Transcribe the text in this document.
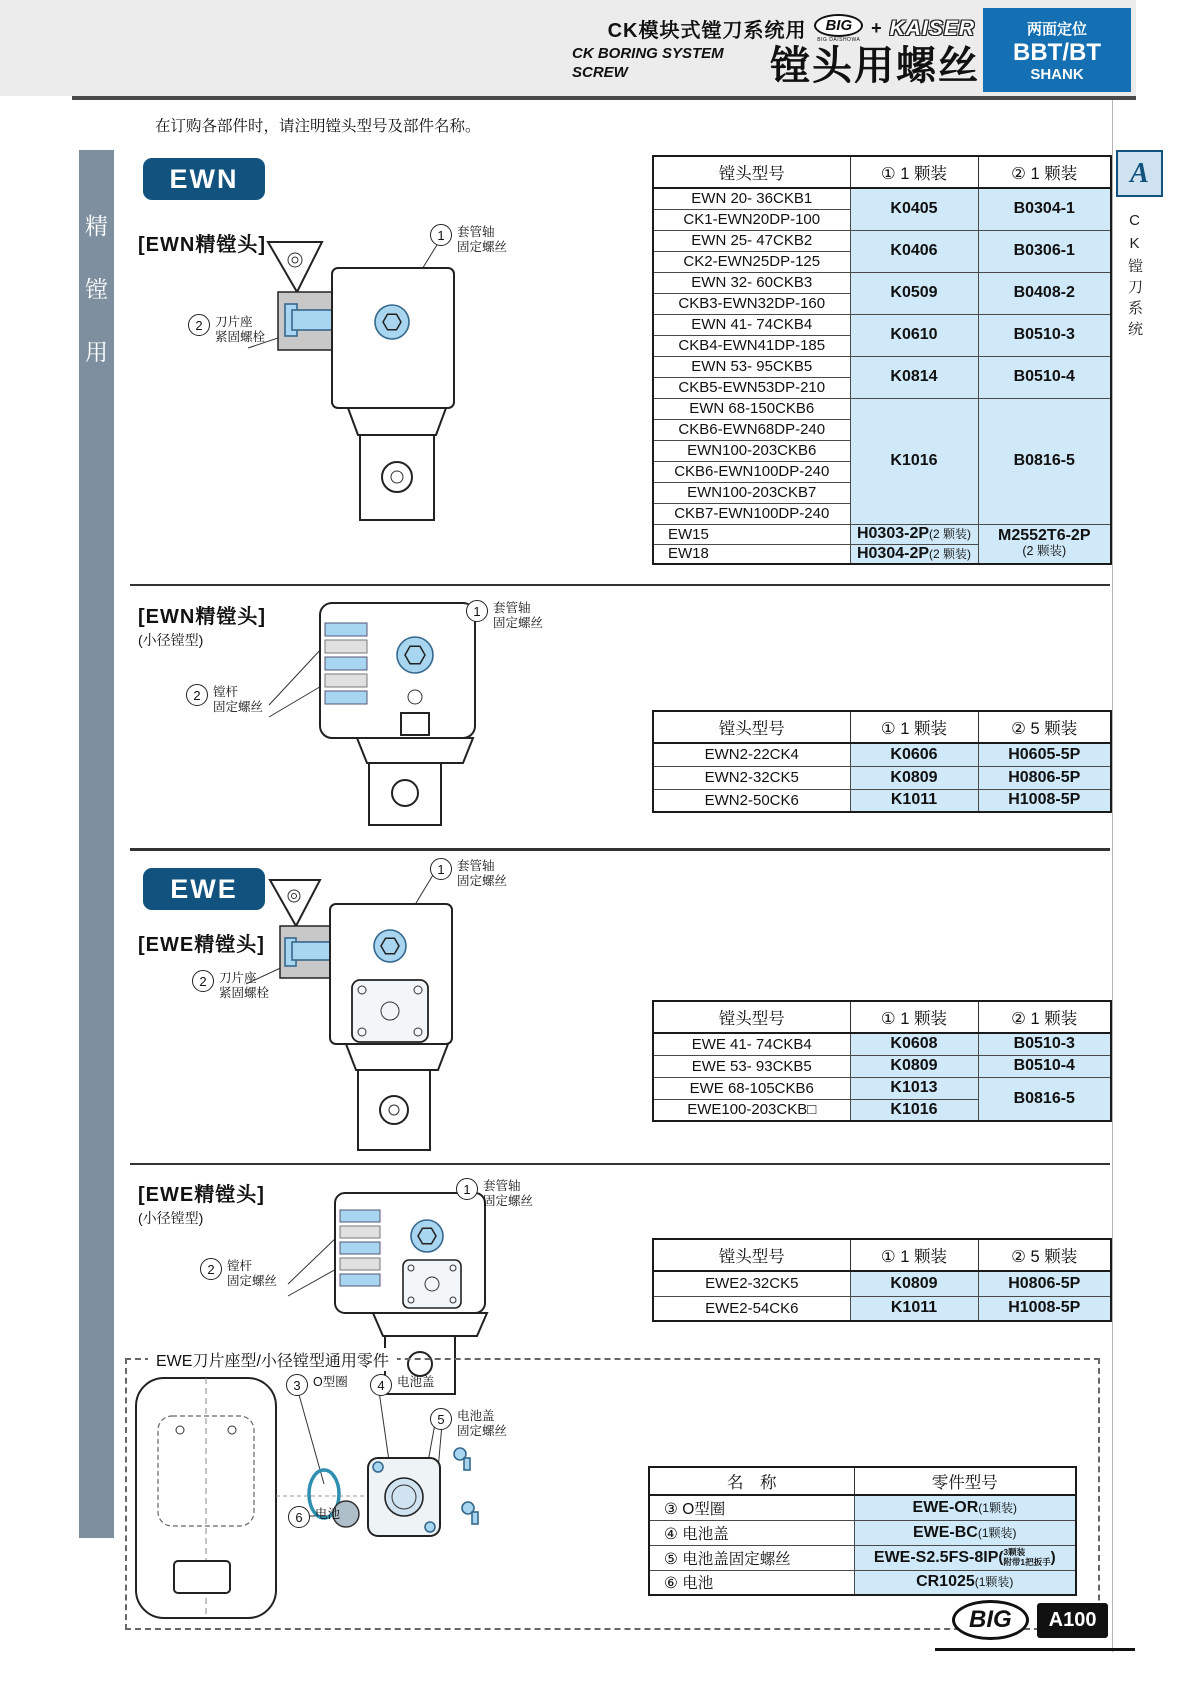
CK模块式镗刀系统用	BIG
BIG DAISHOWA
+ KAISER
CK BORING SYSTEM
SCREW	镗头用螺丝
两面定位
BBT/BT
SHANK
在订购各部件时，请注明镗头型号及部件名称。
精
镗
用
A
CK镗刀系统
EWN
[EWN精镗头]	1 套管轴
固定螺丝
2 刀片座
紧固螺栓
镗头型号	① 1 颗装	② 1 颗装
EWN 20- 36CKB1	K0405	B0304-1
CK1-EWN20DP-100		
EWN 25- 47CKB2	K0406	B0306-1
CK2-EWN25DP-125		
EWN 32- 60CKB3	K0509	B0408-2
CKB3-EWN32DP-160		
EWN 41- 74CKB4	K0610	B0510-3
CKB4-EWN41DP-185		
EWN 53- 95CKB5	K0814	B0510-4
CKB5-EWN53DP-210		
EWN 68-150CKB6	K1016	B0816-5
CKB6-EWN68DP-240		
EWN100-203CKB6		
CKB6-EWN100DP-240		
EWN100-203CKB7		
CKB7-EWN100DP-240		
EW15	H0303-2P(2 颗装)	M2552T6-2P
(2 颗装)

EW18	H0304-2P(2 颗装)	
[EWN精镗头]
(小径镗型)
1 套管轴
固定螺丝
2 镗杆
固定螺丝
镗头型号	① 1 颗装	② 5 颗装
EWN2-22CK4	K0606	H0605-5P
EWN2-32CK5	K0809	H0806-5P
EWN2-50CK6	K1011	H1008-5P
EWE
[EWE精镗头]
1 套管轴
固定螺丝
2 刀片座
紧固螺栓
镗头型号	① 1 颗装	② 1 颗装
EWE 41- 74CKB4	K0608	B0510-3
EWE 53- 93CKB5	K0809	B0510-4
EWE 68-105CKB6	K1013	B0816-5
EWE100-203CKB□	K1016	
[EWE精镗头]
(小径镗型)
1 套管轴
固定螺丝
2 镗杆
固定螺丝
镗头型号	① 1 颗装	② 5 颗装
EWE2-32CK5	K0809	H0806-5P
EWE2-54CK6	K1011	H1008-5P
EWE刀片座型/小径镗型通用零件
3 O型圈	4 电池盖
5 电池盖
固定螺丝
6 电池
名　称	零件型号
③ O型圈	EWE-OR(1颗装)
④ 电池盖	EWE-BC(1颗装)
⑤ 电池盖固定螺丝	EWE-S2.5FS-8IP( 3颗装
附带1把扳手 )
⑥ 电池	CR1025(1颗装)
BIG	A100
